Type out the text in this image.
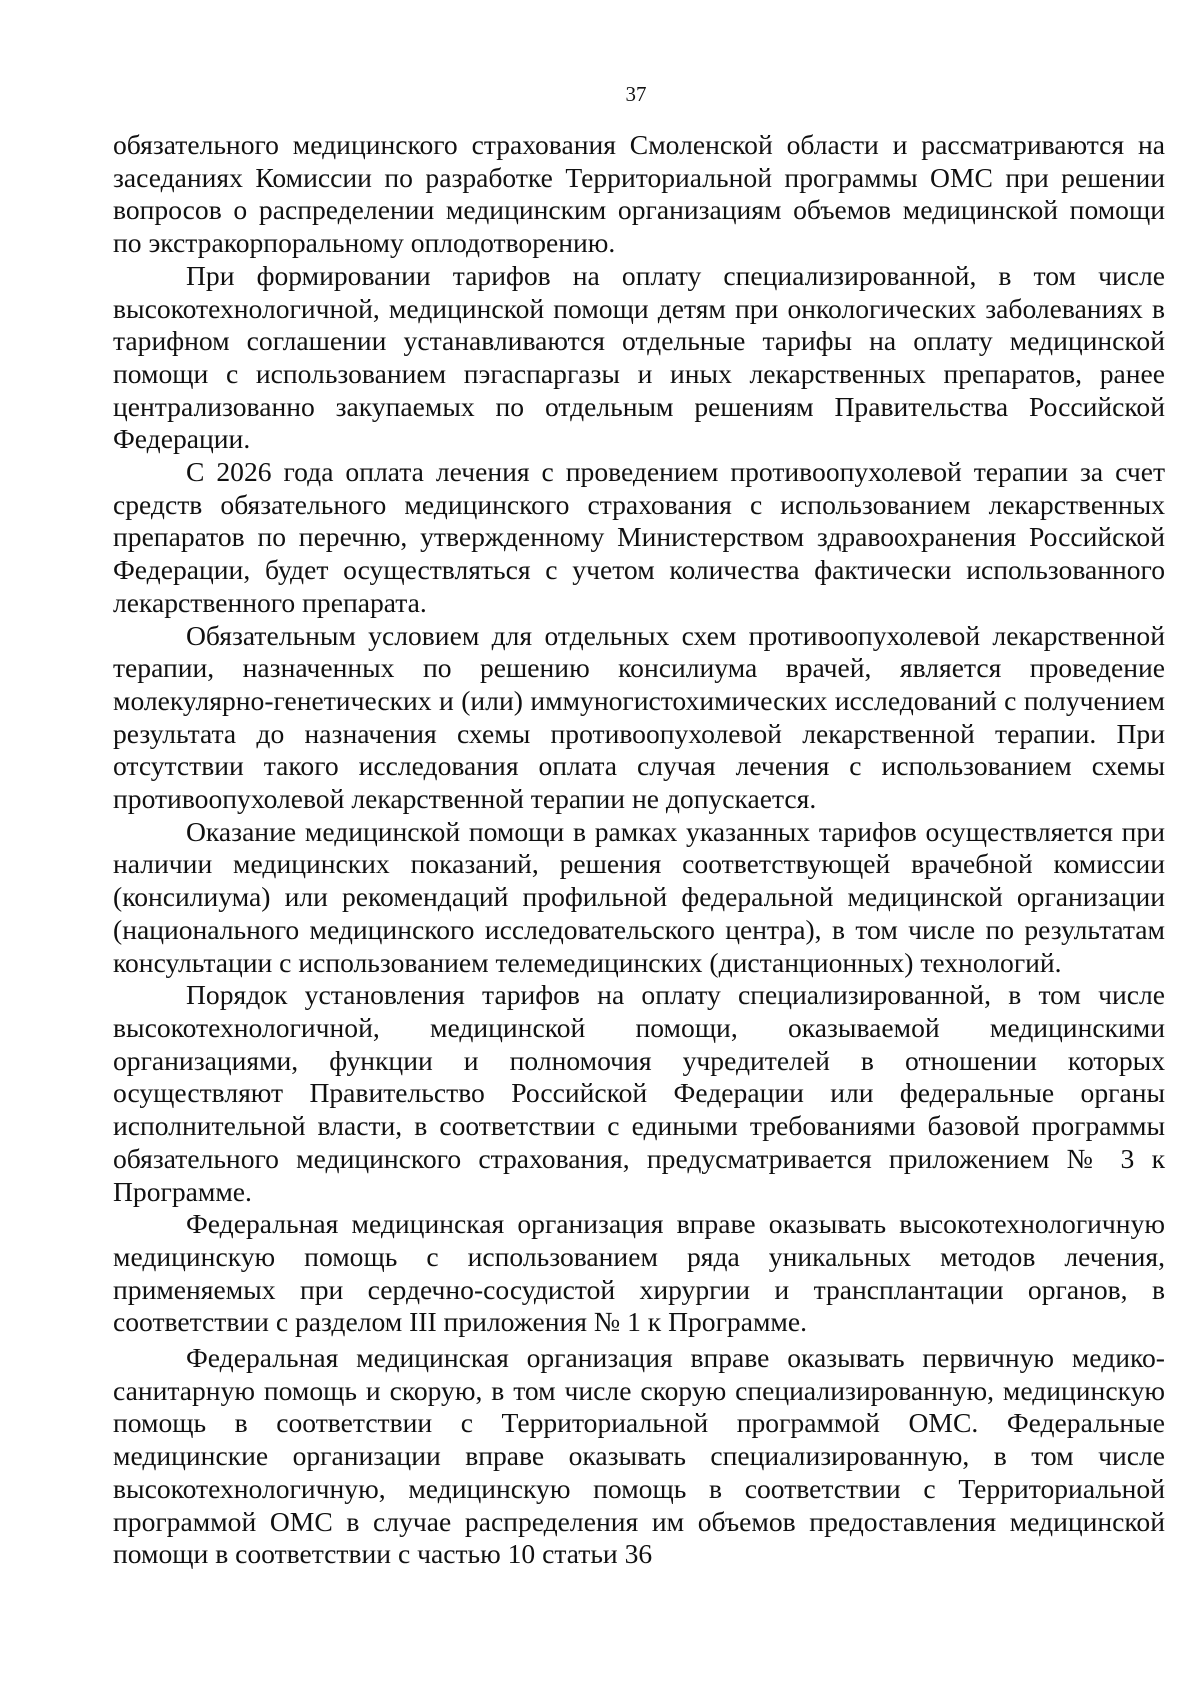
37

обязательного медицинского страхования Смоленской области и рассматриваются на заседаниях Комиссии по разработке Территориальной программы ОМС при решении вопросов о распределении медицинским организациям объемов медицинской помощи по экстракорпоральному оплодотворению.

При формировании тарифов на оплату специализированной, в том числе высокотехнологичной, медицинской помощи детям при онкологических заболеваниях в тарифном соглашении устанавливаются отдельные тарифы на оплату медицинской помощи с использованием пэгаспаргазы и иных лекарственных препаратов, ранее централизованно закупаемых по отдельным решениям Правительства Российской Федерации.

С 2026 года оплата лечения с проведением противоопухолевой терапии за счет средств обязательного медицинского страхования с использованием лекарственных препаратов по перечню, утвержденному Министерством здравоохранения Российской Федерации, будет осуществляться с учетом количества фактически использованного лекарственного препарата.

Обязательным условием для отдельных схем противоопухолевой лекарственной терапии, назначенных по решению консилиума врачей, является проведение молекулярно-генетических и (или) иммуногистохимических исследований с получением результата до назначения схемы противоопухолевой лекарственной терапии. При отсутствии такого исследования оплата случая лечения с использованием схемы противоопухолевой лекарственной терапии не допускается.

Оказание медицинской помощи в рамках указанных тарифов осуществляется при наличии медицинских показаний, решения соответствующей врачебной комиссии (консилиума) или рекомендаций профильной федеральной медицинской организации (национального медицинского исследовательского центра), в том числе по результатам консультации с использованием телемедицинских (дистанционных) технологий.

Порядок установления тарифов на оплату специализированной, в том числе высокотехнологичной, медицинской помощи, оказываемой медицинскими организациями, функции и полномочия учредителей в отношении которых осуществляют Правительство Российской Федерации или федеральные органы исполнительной власти, в соответствии с едиными требованиями базовой программы обязательного медицинского страхования, предусматривается приложением № 3 к Программе.

Федеральная медицинская организация вправе оказывать высокотехнологичную медицинскую помощь с использованием ряда уникальных методов лечения, применяемых при сердечно-сосудистой хирургии и трансплантации органов, в соответствии с разделом III приложения № 1 к Программе.

Федеральная медицинская организация вправе оказывать первичную медико-санитарную помощь и скорую, в том числе скорую специализированную, медицинскую помощь в соответствии с Территориальной программой ОМС. Федеральные медицинские организации вправе оказывать специализированную, в том числе высокотехнологичную, медицинскую помощь в соответствии с Территориальной программой ОМС в случае распределения им объемов предоставления медицинской помощи в соответствии с частью 10 статьи 36
